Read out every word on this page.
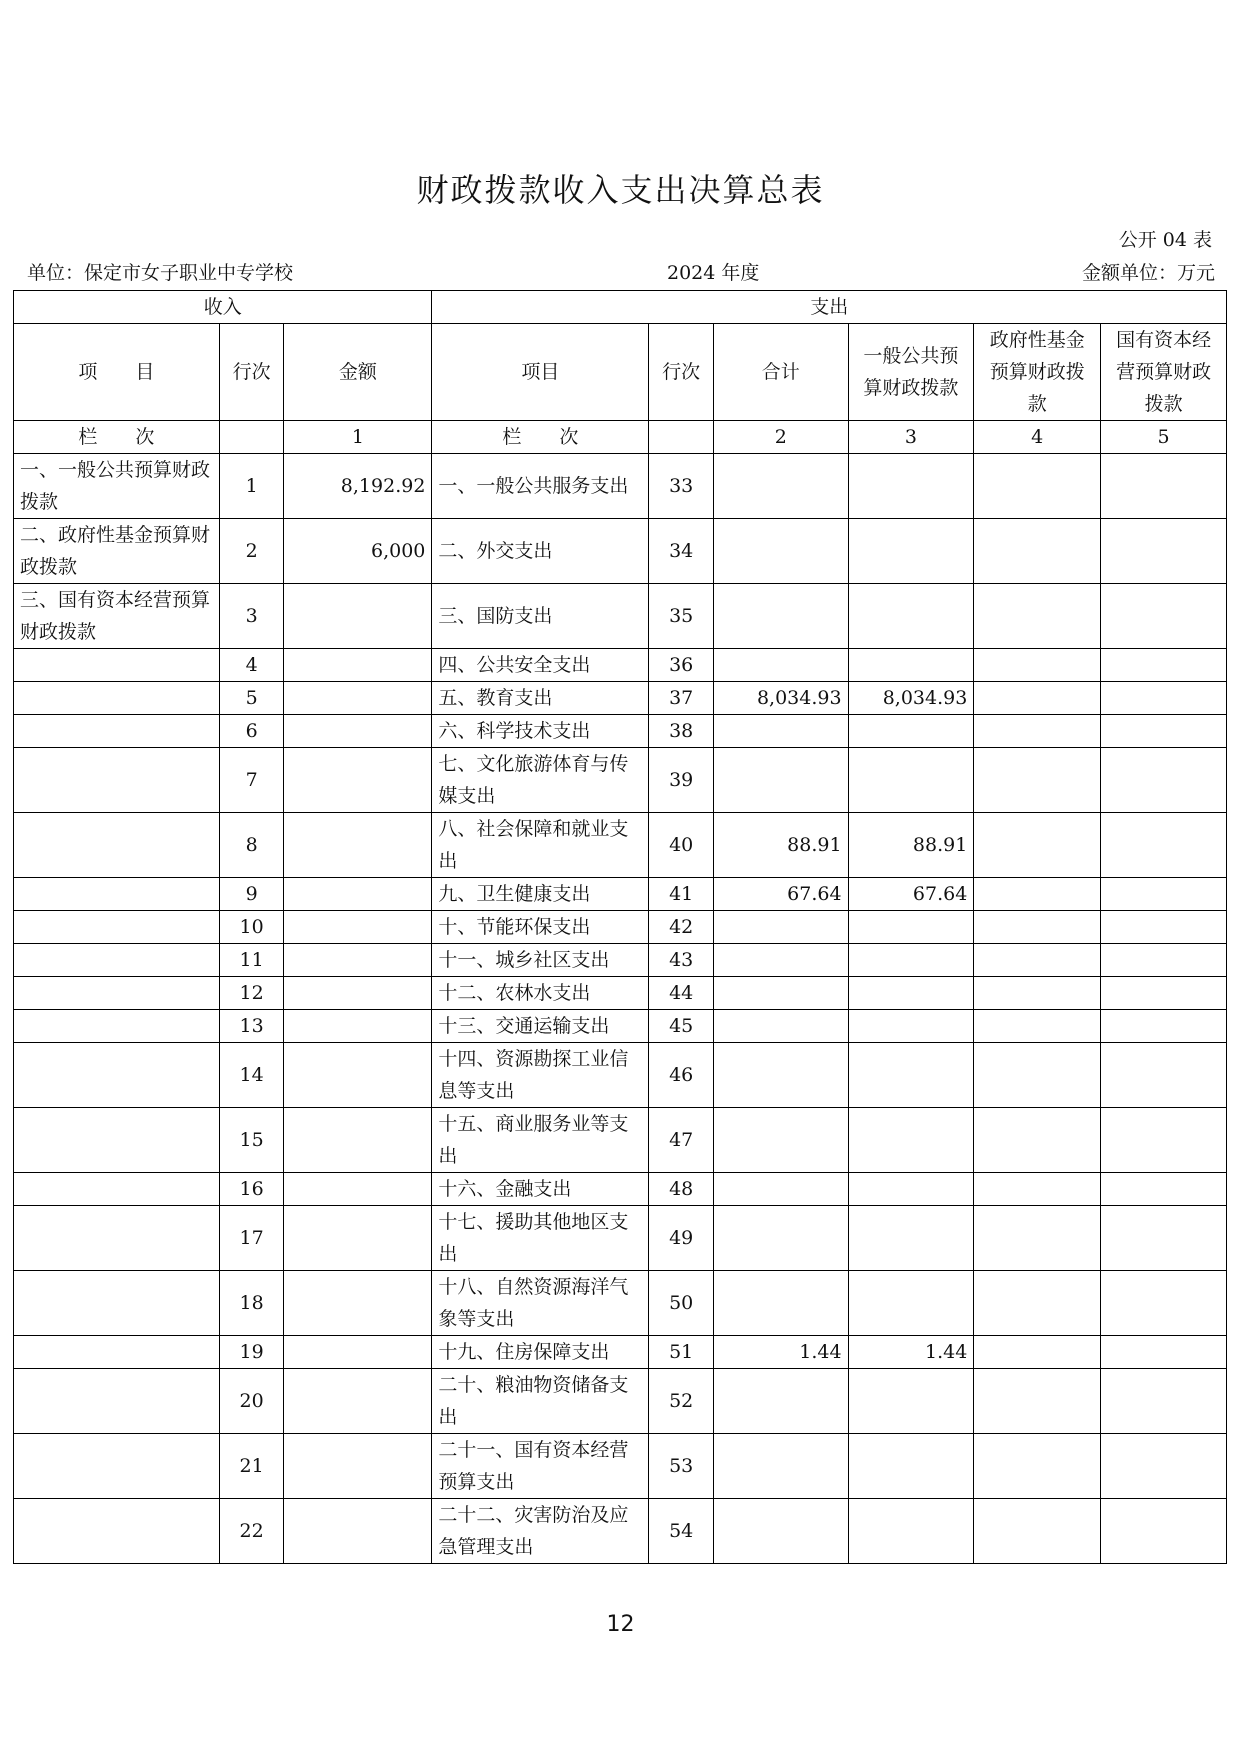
财政拨款收入支出决算总表
公开 04 表
单位：保定市女子职业中专学校	2024 年度	金额单位：万元
收入			支出					
项　　目	行次	金额	项目	行次	合计	一般公共预算财政拨款	政府性基金预算财政拨款	国有资本经营预算财政拨款
栏　　次		1	栏　　次		2	3	4	5
一、一般公共预算财政拨款	1	8,192.92	一、一般公共服务支出	33				
二、政府性基金预算财政拨款	2	6,000	二、外交支出	34				
三、国有资本经营预算财政拨款	3		三、国防支出	35				
	4		四、公共安全支出	36				
	5		五、教育支出	37	8,034.93	8,034.93		
	6		六、科学技术支出	38				
	7		七、文化旅游体育与传媒支出	39				
	8		八、社会保障和就业支出	40	88.91	88.91		
	9		九、卫生健康支出	41	67.64	67.64		
	10		十、节能环保支出	42				
	11		十一、城乡社区支出	43				
	12		十二、农林水支出	44				
	13		十三、交通运输支出	45				
	14		十四、资源勘探工业信息等支出	46				
	15		十五、商业服务业等支出	47				
	16		十六、金融支出	48				
	17		十七、援助其他地区支出	49				
	18		十八、自然资源海洋气象等支出	50				
	19		十九、住房保障支出	51	1.44	1.44		
	20		二十、粮油物资储备支出	52				
	21		二十一、国有资本经营预算支出	53				
	22		二十二、灾害防治及应急管理支出	54				
12
